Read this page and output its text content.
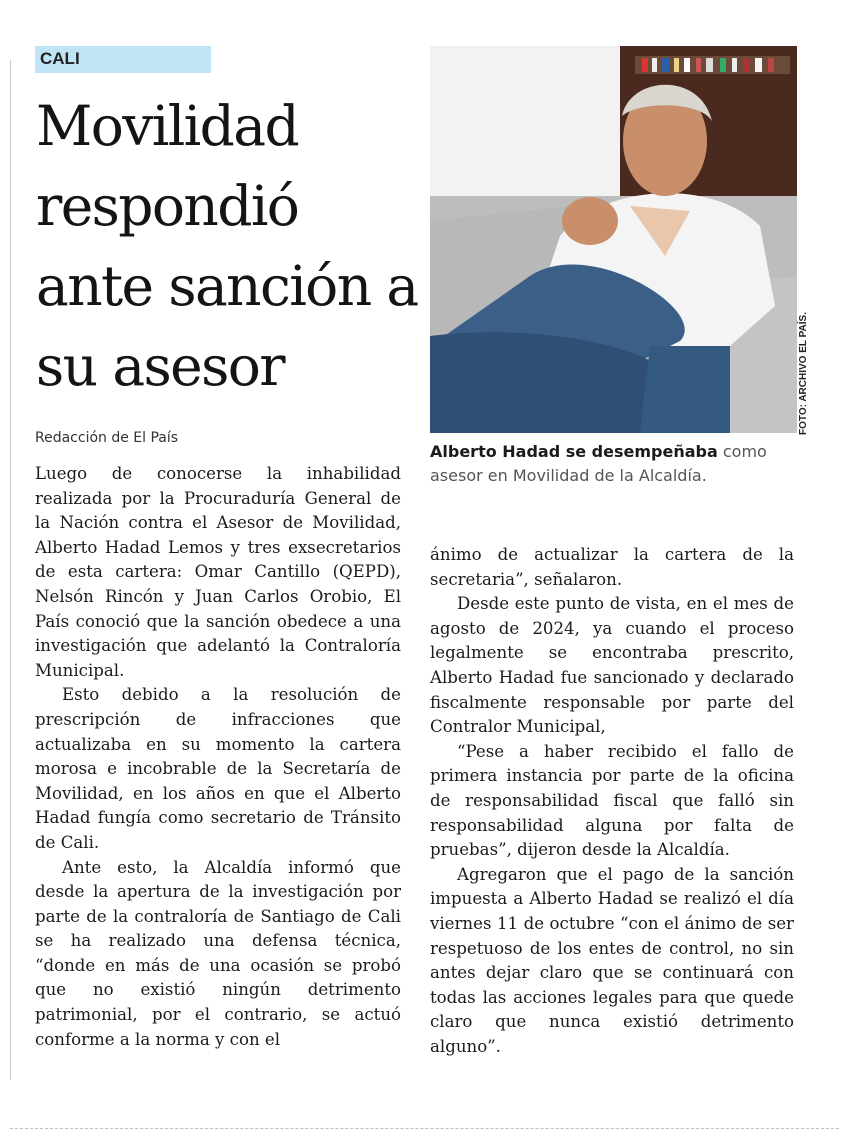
CALI
Movilidad respondió ante sanción a su asesor
Redacción de El País
FOTO: ARCHIVO EL PAÍS.

Alberto Hadad se desempeñaba como asesor en Movilidad de la Alcaldía.

Luego de conocerse la inhabilidad realizada por la Procuraduría General de la Nación contra el Asesor de Movilidad, Alberto Hadad Lemos y tres exsecretarios de esta cartera: Omar Cantillo (QEPD), Nelsón Rincón y Juan Carlos Orobio, El País conoció que la sanción obedece a una investigación que adelantó la Contraloría Municipal.

Esto debido a la resolución de prescripción de infracciones que actualizaba en su momento la cartera morosa e incobrable de la Secretaría de Movilidad, en los años en que el Alberto Hadad fungía como secretario de Tránsito de Cali.

Ante esto, la Alcaldía informó que desde la apertura de la investigación por parte de la contraloría de Santiago de Cali se ha realizado una defensa técnica, “donde en más de una ocasión se probó que no existió ningún detrimento patrimonial, por el contrario, se actuó conforme a la norma y con el

ánimo de actualizar la cartera de la secretaria”, señalaron.

Desde este punto de vista, en el mes de agosto de 2024, ya cuando el proceso legalmente se encontraba prescrito, Alberto Hadad fue sancionado y declarado fiscalmente responsable por parte del Contralor Municipal,

“Pese a haber recibido el fallo de primera instancia por parte de la oficina de responsabilidad fiscal que falló sin responsabilidad alguna por falta de pruebas”, dijeron desde la Alcaldía.

Agregaron que el pago de la sanción impuesta a Alberto Hadad se realizó el día viernes 11 de octubre “con el ánimo de ser respetuoso de los entes de control, no sin antes dejar claro que se continuará con todas las acciones legales para que quede claro que nunca existió detrimento alguno”.
